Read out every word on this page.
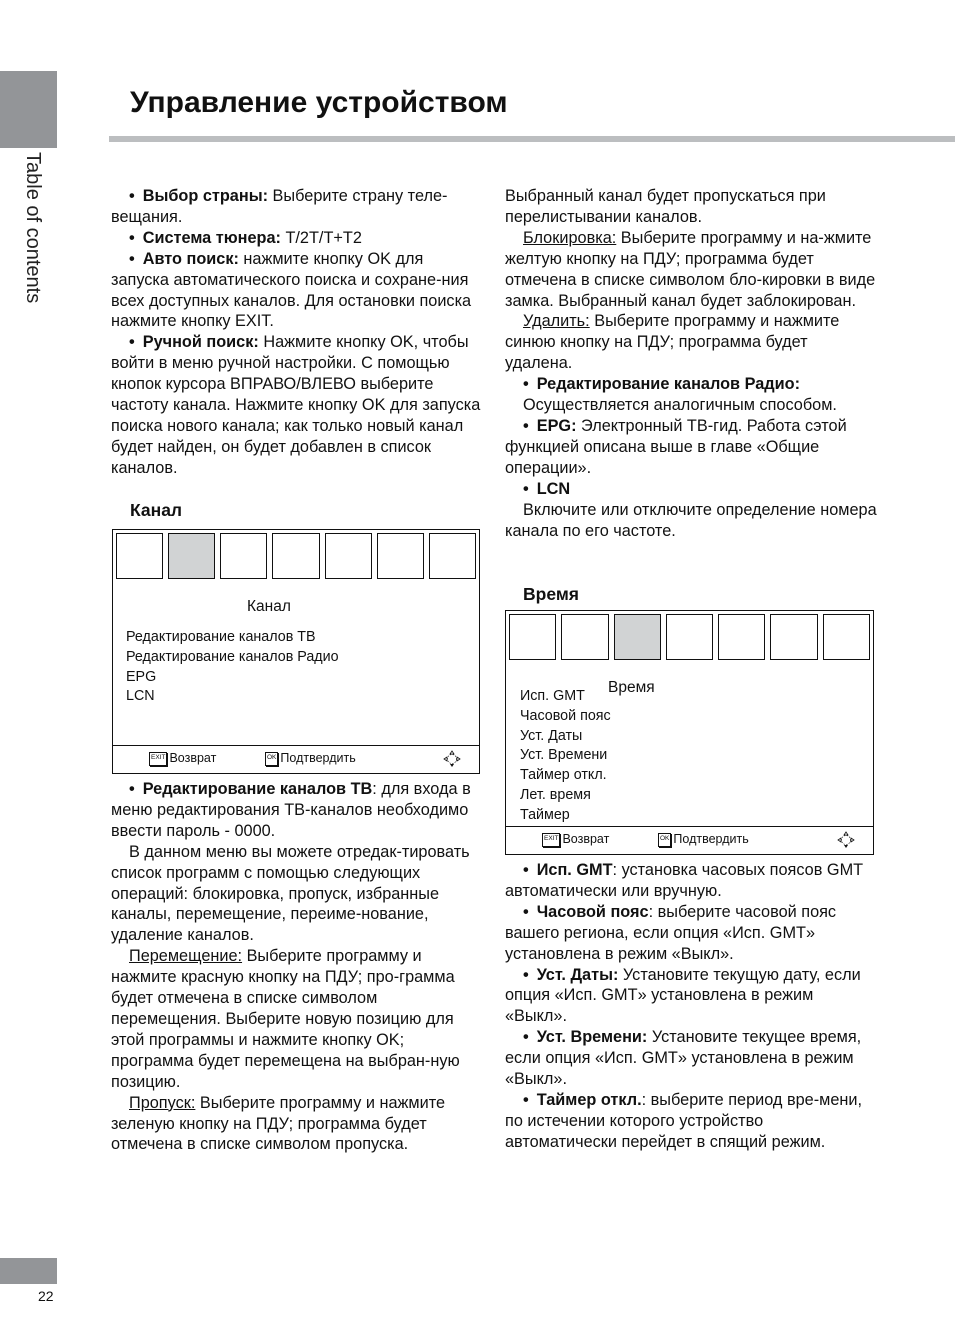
Table of contents
22
Управление устройством

• Выбор страны: Выберите страну теле-вещания.

• Система тюнера: T/2T/T+T2

• Авто поиск: нажмите кнопку OK для запуска автоматического поиска и сохране-ния всех доступных каналов. Для остановки поиска нажмите кнопку EXIT.

• Ручной поиск: Нажмите кнопку OK, чтобы войти в меню ручной настройки. С помощью кнопок курсора ВПРАВО/ВЛЕВО выберите частоту канала. Нажмите кнопку OK для запуска поиска нового канала; как только новый канал будет найден, он будет добавлен в список каналов.

Канал
Канал
Редактирование каналов ТВ
Редактирование каналов Радио
EPG
LCN
EXIT Возврат	OK Подтвердить

• Редактирование каналов ТВ: для входа в меню редактирования ТВ-каналов необходимо ввести пароль - 0000.

В данном меню вы можете отредак-тировать список программ с помощью следующих операций: блокировка, пропуск, избранные каналы, перемещение, переиме-нование, удаление каналов.

Перемещение: Выберите программу и нажмите красную кнопку на ПДУ; про-грамма будет отмечена в списке символом перемещения. Выберите новую позицию для этой программы и нажмите кнопку OK; программа будет перемещена на выбран-ную позицию.

Пропуск: Выберите программу и нажмите зеленую кнопку на ПДУ; программа будет отмечена в списке символом пропуска.

Выбранный канал будет пропускаться при перелистывании каналов.

Блокировка: Выберите программу и на-жмите желтую кнопку на ПДУ; программа будет отмечена в списке символом бло-кировки в виде замка. Выбранный канал будет заблокирован.

Удалить: Выберите программу и нажмите синюю кнопку на ПДУ; программа будет удалена.

• Редактирование каналов Радио:

Осуществляется аналогичным способом.

• EPG: Электронный ТВ-гид. Работа сэтой функцией описана выше в главе «Общие операции».

• LCN

Включите или отключите определение номера канала по его частоте.

Время
Время
Исп. GMT
Часовой пояс
Уст. Даты
Уст. Времени
Таймер откл.
Лет. время
Таймер
EXIT Возврат	OK Подтвердить

• Исп. GMT: установка часовых поясов GMT автоматически или вручную.

• Часовой пояс: выберите часовой пояс вашего региона, если опция «Исп. GMT» установлена в режим «Выкл».

• Уст. Даты: Установите текущую дату, если опция «Исп. GMT» установлена в режим «Выкл».

• Уст. Времени: Установите текущее время, если опция «Исп. GMT» установлена в режим «Выкл».

• Таймер откл.: выберите период вре-мени, по истечении которого устройство автоматически перейдет в спящий режим.
